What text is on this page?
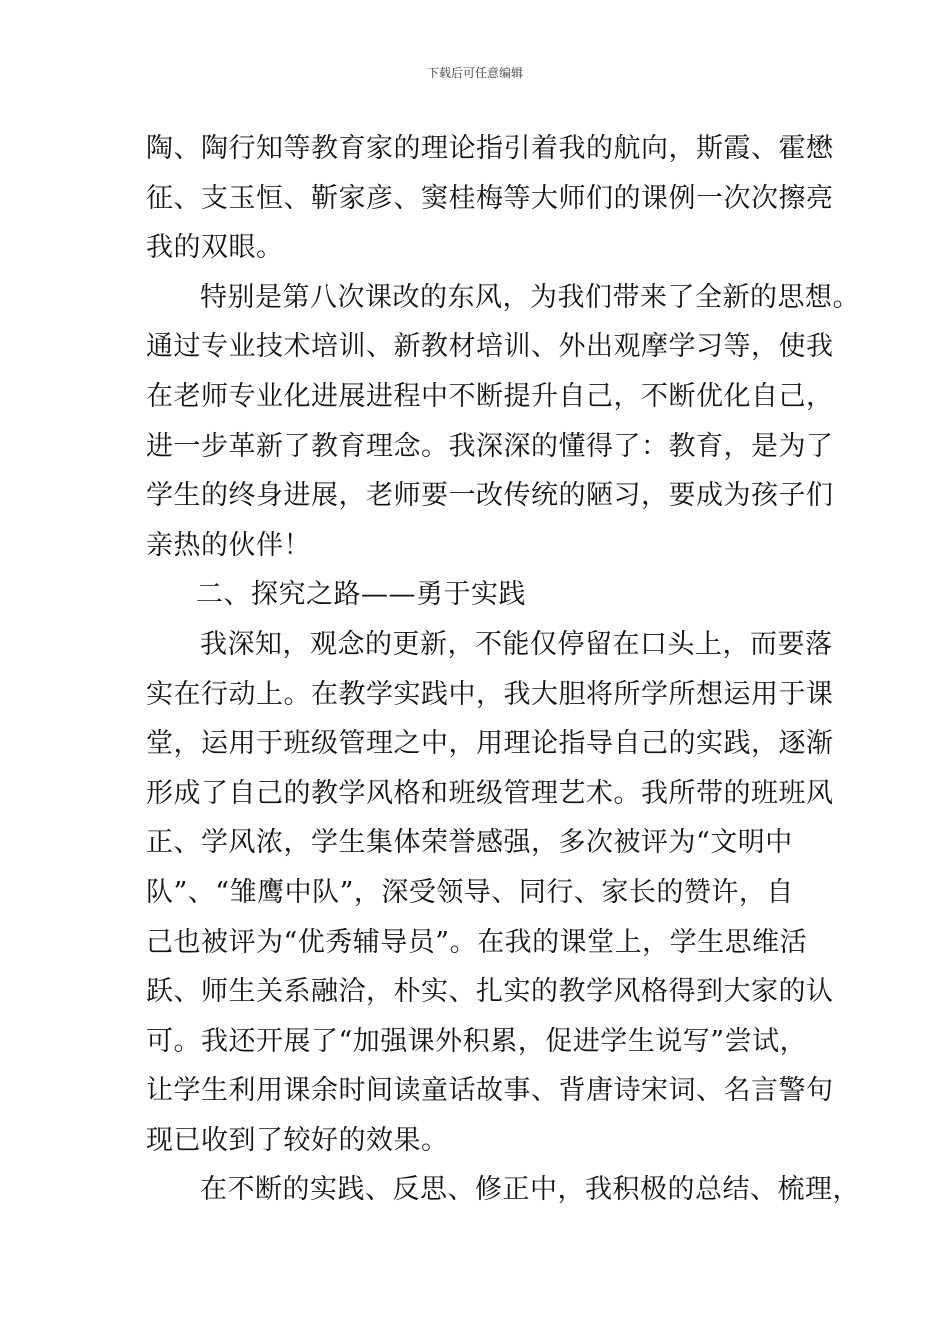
下载后可任意编辑
陶、陶行知等教育家的理论指引着我的航向，斯霞、霍懋
征、支玉恒、靳家彦、窦桂梅等大师们的课例一次次擦亮
我的双眼。
特别是第八次课改的东风，为我们带来了全新的思想。
通过专业技术培训、新教材培训、外出观摩学习等，使我
在老师专业化进展进程中不断提升自己，不断优化自己，
进一步革新了教育理念。我深深的懂得了：教育，是为了
学生的终身进展，老师要一改传统的陋习，要成为孩子们
亲热的伙伴！
二、探究之路——勇于实践
我深知，观念的更新，不能仅停留在口头上，而要落
实在行动上。在教学实践中，我大胆将所学所想运用于课
堂，运用于班级管理之中，用理论指导自己的实践，逐渐
形成了自己的教学风格和班级管理艺术。我所带的班班风
正、学风浓，学生集体荣誉感强，多次被评为“文明中
队”、“雏鹰中队”，深受领导、同行、家长的赞许，自
己也被评为“优秀辅导员”。在我的课堂上，学生思维活
跃、师生关系融洽，朴实、扎实的教学风格得到大家的认
可。我还开展了“加强课外积累，促进学生说写”尝试，
让学生利用课余时间读童话故事、背唐诗宋词、名言警句
现已收到了较好的效果。
在不断的实践、反思、修正中，我积极的总结、梳理，
